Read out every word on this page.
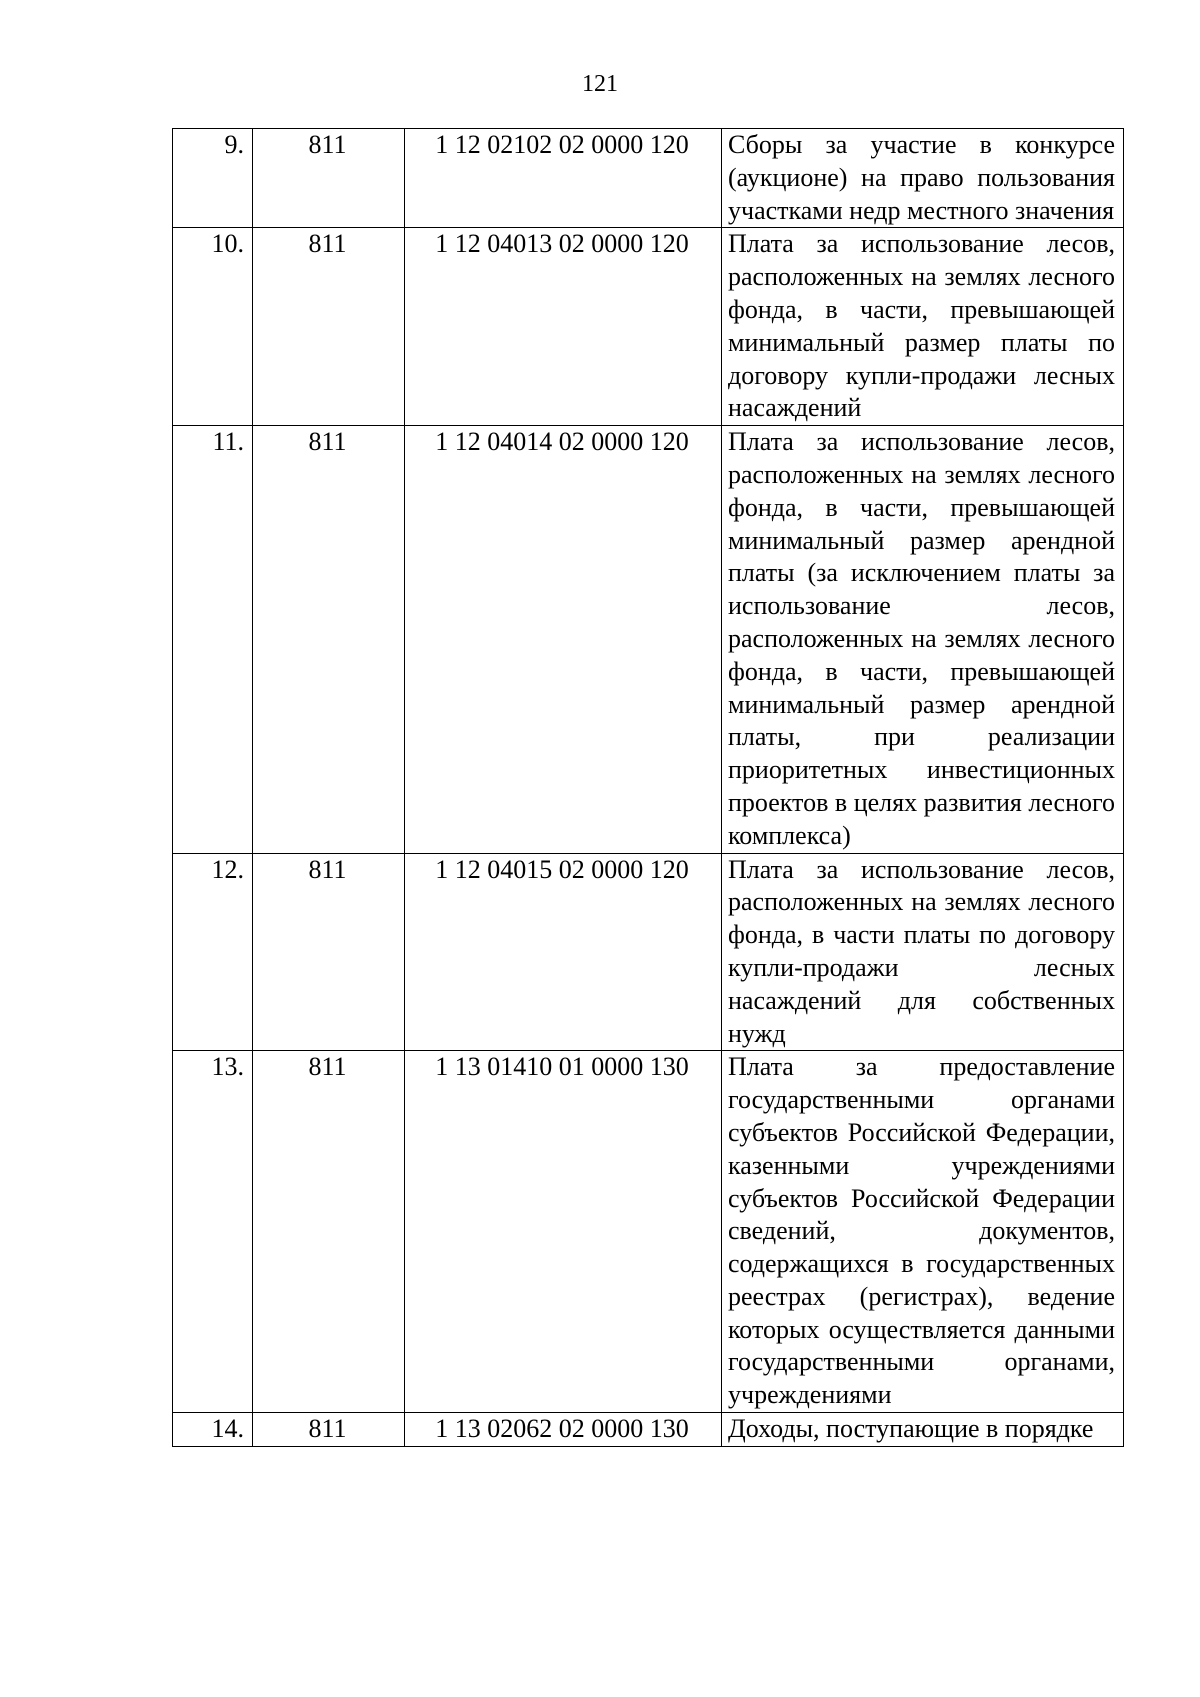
121
9.	811	1 12 02102 02 0000 120	Сборы за участие в конкурсе (аукционе) на право пользования участками недр местного значения
10.	811	1 12 04013 02 0000 120	Плата за использование лесов, расположенных на землях лесного фонда, в части, превышающей минимальный размер платы по договору купли-продажи лесных насаждений
11.	811	1 12 04014 02 0000 120	Плата за использование лесов, расположенных на землях лесного фонда, в части, превышающей минимальный размер арендной платы (за исключением платы за использование лесов, расположенных на землях лесного фонда, в части, превышающей минимальный размер арендной платы, при реализации приоритетных инвестиционных проектов в целях развития лесного комплекса)
12.	811	1 12 04015 02 0000 120	Плата за использование лесов, расположенных на землях лесного фонда, в части платы по договору купли-продажи лесных насаждений для собственных нужд
13.	811	1 13 01410 01 0000 130	Плата за предоставление государственными органами субъектов Российской Федерации, казенными учреждениями субъектов Российской Федерации сведений, документов, содержащихся в государственных реестрах (регистрах), ведение которых осуществляется данными государственными органами, учреждениями
14.	811	1 13 02062 02 0000 130	Доходы, поступающие в порядке
